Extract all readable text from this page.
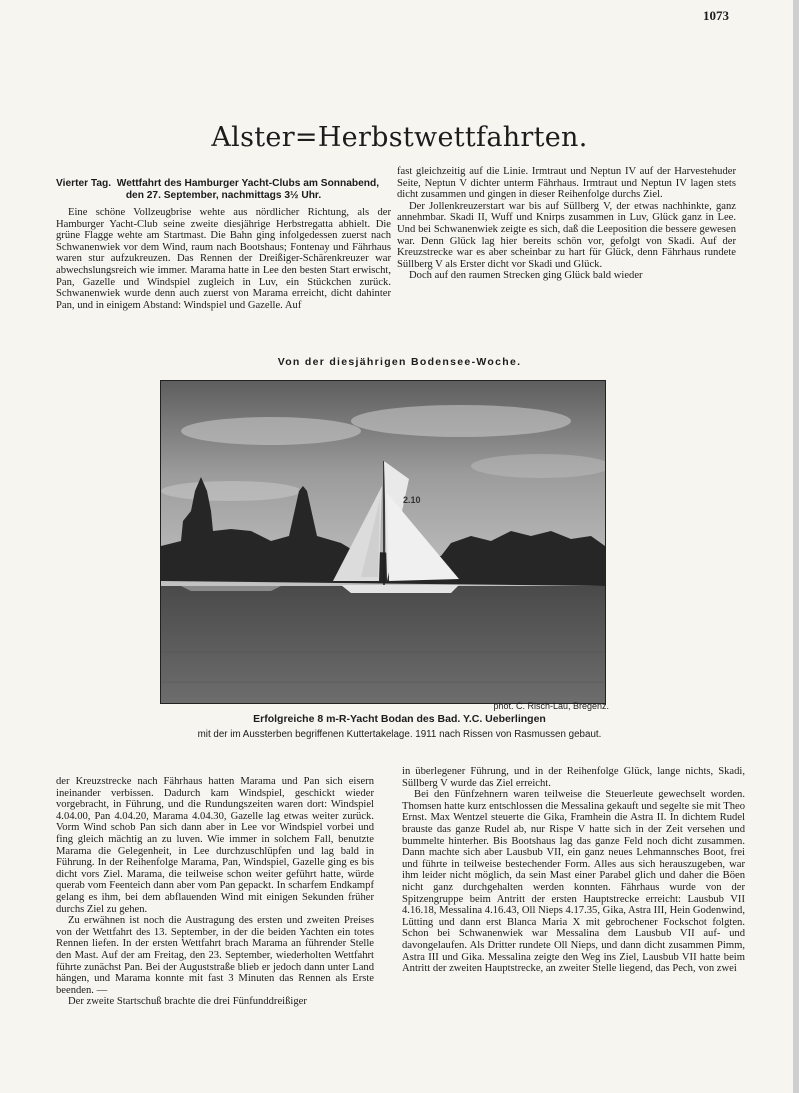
1073
Alster=Herbstwettfahrten.
Vierter Tag. Wettfahrt des Hamburger Yacht-Clubs am Sonnabend,
den 27. September, nachmittags 3½ Uhr.

Eine schöne Vollzeugbrise wehte aus nördlicher Richtung, als der Hamburger Yacht-Club seine zweite diesjährige Herbstregatta abhielt. Die grüne Flagge wehte am Startmast. Die Bahn ging infolgedessen zuerst nach Schwanenwiek vor dem Wind, raum nach Bootshaus; Fontenay und Fährhaus waren stur aufzukreuzen. Das Rennen der Dreißiger-Schärenkreuzer war abwechslungsreich wie immer. Marama hatte in Lee den besten Start erwischt, Pan, Gazelle und Windspiel zugleich in Luv, ein Stückchen zurück. Schwanenwiek wurde denn auch zuerst von Marama erreicht, dicht dahinter Pan, und in einigem Abstand: Windspiel und Gazelle. Auf

fast gleichzeitig auf die Linie. Irmtraut und Neptun IV auf der Harvestehuder Seite, Neptun V dichter unterm Fährhaus. Irmtraut und Neptun IV lagen stets dicht zusammen und gingen in dieser Reihenfolge durchs Ziel.

Der Jollenkreuzerstart war bis auf Süllberg V, der etwas nachhinkte, ganz annehmbar. Skadi II, Wuff und Knirps zusammen in Luv, Glück ganz in Lee. Und bei Schwanenwiek zeigte es sich, daß die Leeposition die bessere gewesen war. Denn Glück lag hier bereits schön vor, gefolgt von Skadi. Auf der Kreuzstrecke war es aber scheinbar zu hart für Glück, denn Fährhaus rundete Süllberg V als Erster dicht vor Skadi und Glück.

Doch auf den raumen Strecken ging Glück bald wieder

Von der diesjährigen Bodensee-Woche.
2.10
phot. C. Risch-Lau, Bregenz.
Erfolgreiche 8 m-R-Yacht Bodan des Bad. Y.C. Ueberlingen
mit der im Aussterben begriffenen Kuttertakelage. 1911 nach Rissen von Rasmussen gebaut.

der Kreuzstrecke nach Fährhaus hatten Marama und Pan sich eisern ineinander verbissen. Dadurch kam Windspiel, geschickt wieder vorgebracht, in Führung, und die Rundungszeiten waren dort: Windspiel 4.04.00, Pan 4.04.20, Marama 4.04.30, Gazelle lag etwas weiter zurück. Vorm Wind schob Pan sich dann aber in Lee vor Windspiel vorbei und fing gleich mächtig an zu luven. Wie immer in solchem Fall, benutzte Marama die Gelegenheit, in Lee durchzuschlüpfen und lag bald in Führung. In der Reihenfolge Marama, Pan, Windspiel, Gazelle ging es bis dicht vors Ziel. Marama, die teilweise schon weiter geführt hatte, würde querab vom Feenteich dann aber vom Pan gepackt. In scharfem Endkampf gelang es ihm, bei dem abflauenden Wind mit einigen Sekunden früher durchs Ziel zu gehen.

Zu erwähnen ist noch die Austragung des ersten und zweiten Preises von der Wettfahrt des 13. September, in der die beiden Yachten ein totes Rennen liefen. In der ersten Wettfahrt brach Marama an führender Stelle den Mast. Auf der am Freitag, den 23. September, wiederholten Wettfahrt führte zunächst Pan. Bei der Auguststraße blieb er jedoch dann unter Land hängen, und Marama konnte mit fast 3 Minuten das Rennen als Erste beenden. —

Der zweite Startschuß brachte die drei Fünfunddreißiger

in überlegener Führung, und in der Reihenfolge Glück, lange nichts, Skadi, Süllberg V wurde das Ziel erreicht.

Bei den Fünfzehnern waren teilweise die Steuerleute gewechselt worden. Thomsen hatte kurz entschlossen die Messalina gekauft und segelte sie mit Theo Ernst. Max Wentzel steuerte die Gika, Framhein die Astra II. In dichtem Rudel brauste das ganze Rudel ab, nur Rispe V hatte sich in der Zeit versehen und bummelte hinterher. Bis Bootshaus lag das ganze Feld noch dicht zusammen. Dann machte sich aber Lausbub VII, ein ganz neues Lehmannsches Boot, frei und führte in teilweise bestechender Form. Alles aus sich herauszugeben, war ihm leider nicht möglich, da sein Mast einer Parabel glich und daher die Böen nicht ganz durchgehalten werden konnten. Fährhaus wurde von der Spitzengruppe beim Antritt der ersten Hauptstrecke erreicht: Lausbub VII 4.16.18, Messalina 4.16.43, Oll Nieps 4.17.35, Gika, Astra III, Hein Godenwind, Lütting und dann erst Blanca Maria X mit gebrochener Fockschot folgten. Schon bei Schwanenwiek war Messalina dem Lausbub VII auf- und davongelaufen. Als Dritter rundete Oll Nieps, und dann dicht zusammen Pimm, Astra III und Gika. Messalina zeigte den Weg ins Ziel, Lausbub VII hatte beim Antritt der zweiten Hauptstrecke, an zweiter Stelle liegend, das Pech, von zwei
